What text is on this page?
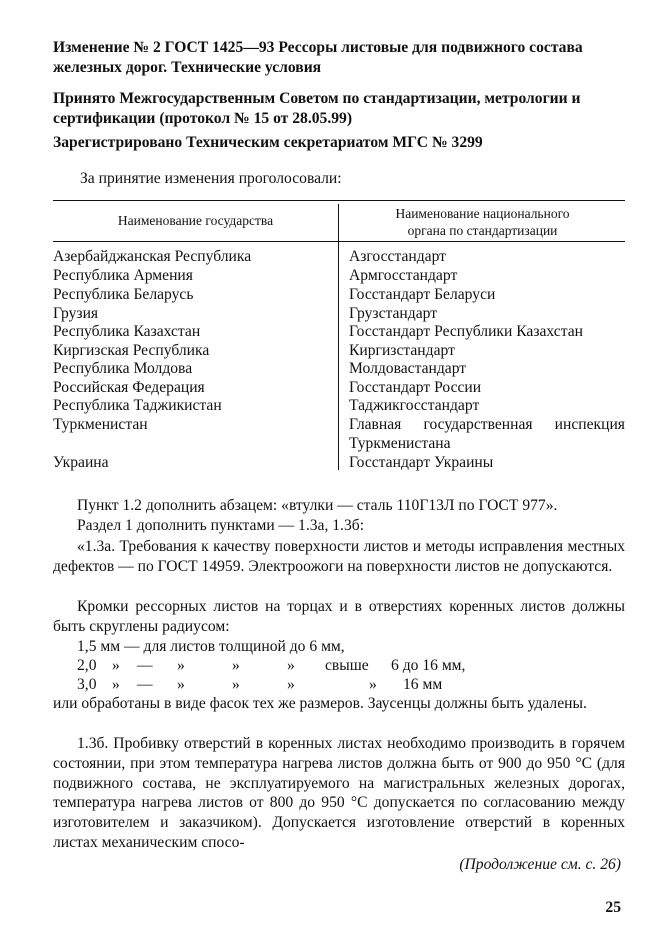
Изменение № 2 ГОСТ 1425—93 Рессоры листовые для подвижного состава железных дорог. Технические условия
Принято Межгосударственным Советом по стандартизации, метрологии и сертификации (протокол № 15 от 28.05.99)
Зарегистрировано Техническим секретариатом МГС № 3299
За принятие изменения проголосовали:
Наименование государства	Наименование национального
органа по стандартизации
Азербайджанская Республика	Азгосстандарт
Республика Армения	Армгосстандарт
Республика Беларусь	Госстандарт Беларуси
Грузия	Грузстандарт
Республика Казахстан	Госстандарт Республики Казахстан
Киргизская Республика	Киргизстандарт
Республика Молдова	Молдовастандарт
Российская Федерация	Госстандарт России
Республика Таджикистан	Таджикгосстандарт
Туркменистан	Главная государственная инспекция Туркменистана
Украина	Госстандарт Украины
Пункт 1.2 дополнить абзацем: «втулки — сталь 110Г13Л по ГОСТ 977».
Раздел 1 дополнить пунктами — 1.3а, 1.3б:
«1.3а. Требования к качеству поверхности листов и методы исправления местных дефектов — по ГОСТ 14959. Электроожоги на поверхности листов не допускаются.
Кромки рессорных листов на торцах и в отверстиях коренных листов должны быть скруглены радиусом:
1,5 мм — для листов толщиной до 6 мм,
2,0 » — »	»	» свыше 6 до 16 мм,
3,0 » — »	»	»	» 16 мм
или обработаны в виде фасок тех же размеров. Заусенцы должны быть удалены.
1.3б. Пробивку отверстий в коренных листах необходимо производить в горячем состоянии, при этом температура нагрева листов должна быть от 900 до 950 °С (для подвижного состава, не эксплуатируемого на магистральных железных дорогах, температура нагрева листов от 800 до 950 °С допускается по согласованию между изготовителем и заказчиком). Допускается изготовление отверстий в коренных листах механическим спосо-
(Продолжение см. с. 26)
25
